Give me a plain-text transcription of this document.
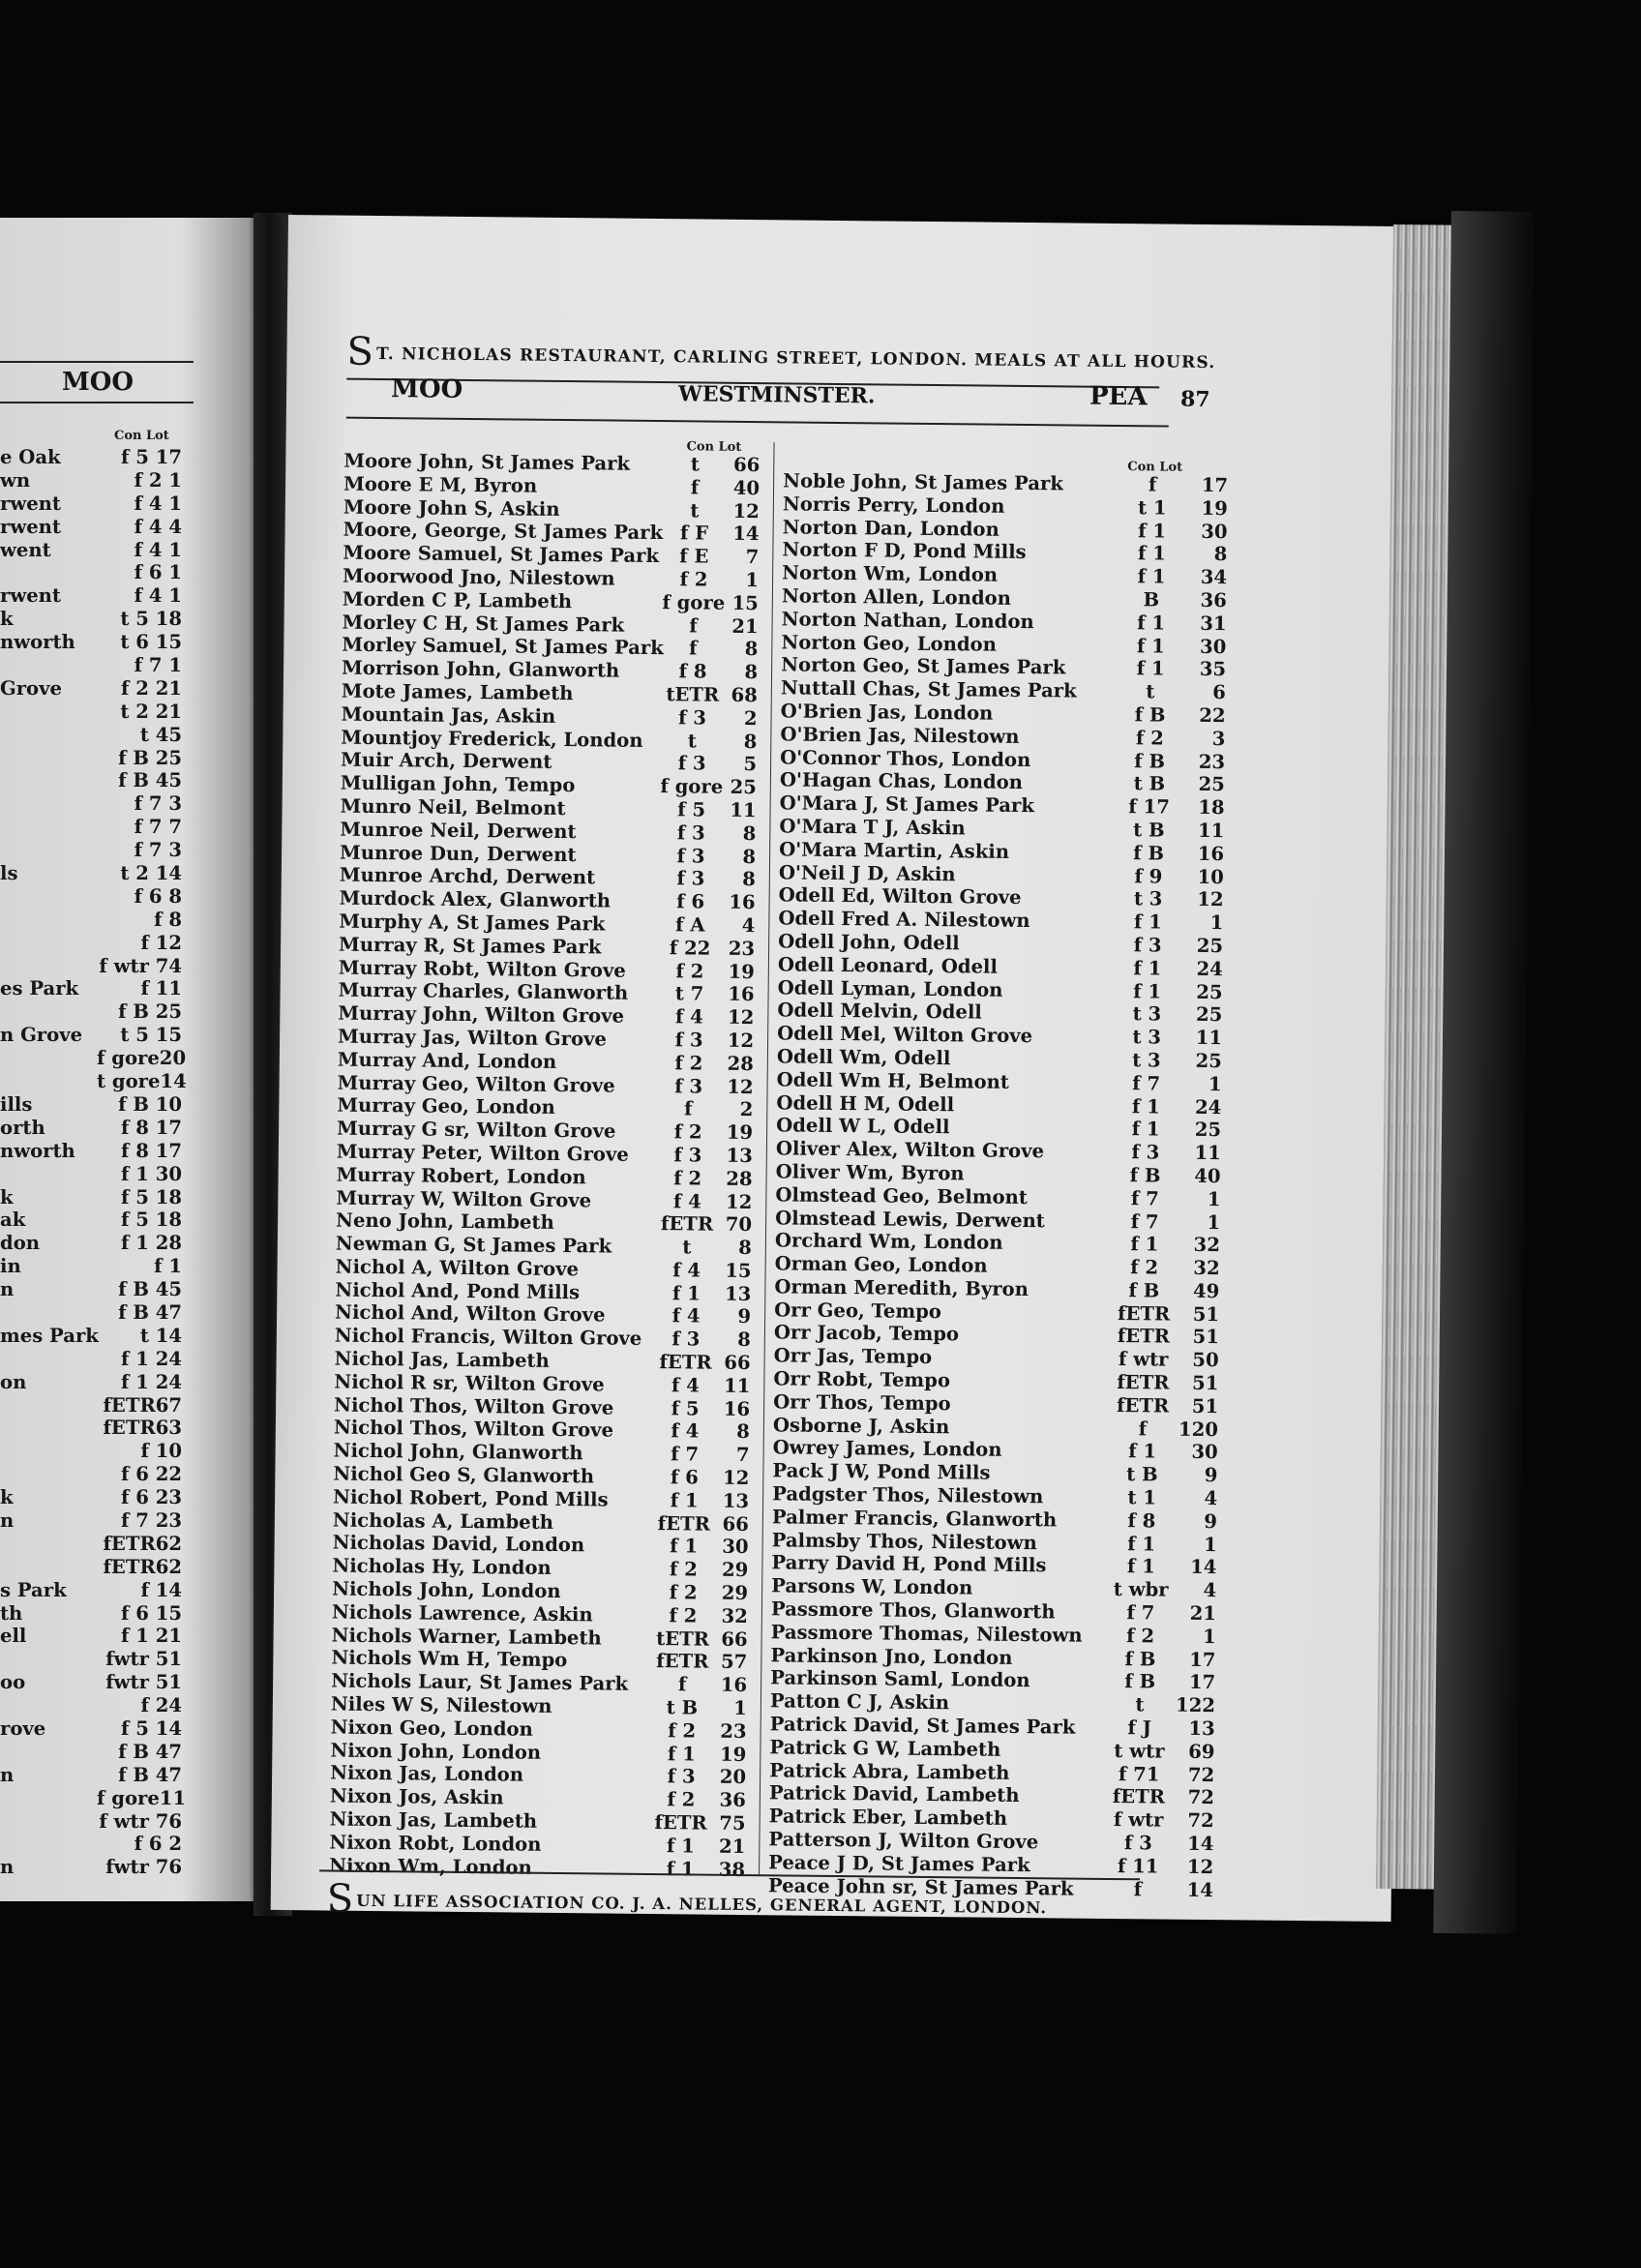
MOO
Con Lot
e Oak	f 5 17
wn	f 2 1
rwent	f 4 1
rwent	f 4 4
went	f 4 1
f 6 1
rwent	f 4 1
k	t 5 18
nworth	t 6 15
f 7 1
Grove	f 2 21
t 2 21
t 45
f B 25
f B 45
f 7 3
f 7 7
f 7 3
ls	t 2 14
f 6 8
f 8
f 12
f wtr 74
es Park	f 11
f B 25
n Grove	t 5 15
f gore20
t gore14
ills	f B 10
orth	f 8 17
nworth	f 8 17
f 1 30
k	f 5 18
ak	f 5 18
don	f 1 28
in	f 1
n	f B 45
f B 47
mes Park	t 14
f 1 24
on	f 1 24
fETR67
fETR63
f 10
f 6 22
k	f 6 23
n	f 7 23
fETR62
fETR62
s Park	f 14
th	f 6 15
ell	f 1 21
fwtr 51
oo	fwtr 51
f 24
rove	f 5 14
f B 47
n	f B 47
f gore11
f wtr 76
f 6 2
n	fwtr 76
ST. NICHOLAS RESTAURANT, CARLING STREET, LONDON. MEALS AT ALL HOURS.
MOO	WESTMINSTER.	PEA 87
Con Lot
Con Lot
Moore John, St James Park	t	66
Moore E M, Byron	f	40
Moore John S, Askin	t	12
Moore, George, St James Park f F	14
Moore Samuel, St James Park	f E	7
Moorwood Jno, Nilestown	f 2	1
Morden C P, Lambeth	f gore 15
Morley C H, St James Park	f	21
Morley Samuel, St James Park	f	8
Morrison John, Glanworth	f 8	8
Mote James, Lambeth	tETR 68
Mountain Jas, Askin	f 3	2
Mountjoy Frederick, London	t	8
Muir Arch, Derwent	f 3	5
Mulligan John, Tempo	f gore 25
Munro Neil, Belmont	f 5	11
Munroe Neil, Derwent	f 3	8
Munroe Dun, Derwent	f 3	8
Munroe Archd, Derwent	f 3	8
Murdock Alex, Glanworth	f 6	16
Murphy A, St James Park	f A	4
Murray R, St James Park	f 22 23
Murray Robt, Wilton Grove	f 2	19
Murray Charles, Glanworth	t 7	16
Murray John, Wilton Grove	f 4	12
Murray Jas, Wilton Grove	f 3	12
Murray And, London	f 2	28
Murray Geo, Wilton Grove	f 3	12
Murray Geo, London	f	2
Murray G sr, Wilton Grove	f 2	19
Murray Peter, Wilton Grove	f 3	13
Murray Robert, London	f 2	28
Murray W, Wilton Grove	f 4	12
Neno John, Lambeth	fETR 70
Newman G, St James Park	t	8
Nichol A, Wilton Grove	f 4	15
Nichol And, Pond Mills	f 1	13
Nichol And, Wilton Grove	f 4	9
Nichol Francis, Wilton Grove	f 3	8
Nichol Jas, Lambeth	fETR 66
Nichol R sr, Wilton Grove	f 4	11
Nichol Thos, Wilton Grove	f 5	16
Nichol Thos, Wilton Grove	f 4	8
Nichol John, Glanworth	f 7	7
Nichol Geo S, Glanworth	f 6	12
Nichol Robert, Pond Mills	f 1	13
Nicholas A, Lambeth	fETR 66
Nicholas David, London	f 1	30
Nicholas Hy, London	f 2	29
Nichols John, London	f 2	29
Nichols Lawrence, Askin	f 2	32
Nichols Warner, Lambeth	tETR 66
Nichols Wm H, Tempo	fETR 57
Nichols Laur, St James Park	f	16
Niles W S, Nilestown	t B	1
Nixon Geo, London	f 2	23
Nixon John, London	f 1	19
Nixon Jas, London	f 3	20
Nixon Jos, Askin	f 2	36
Nixon Jas, Lambeth	fETR 75
Nixon Robt, London	f 1	21
Nixon Wm, London	f 1	38
Noble John, St James Park	f	17
Norris Perry, London	t 1	19
Norton Dan, London	f 1	30
Norton F D, Pond Mills	f 1	8
Norton Wm, London	f 1	34
Norton Allen, London	B	36
Norton Nathan, London	f 1	31
Norton Geo, London	f 1	30
Norton Geo, St James Park	f 1	35
Nuttall Chas, St James Park	t	6
O'Brien Jas, London	f B	22
O'Brien Jas, Nilestown	f 2	3
O'Connor Thos, London	f B	23
O'Hagan Chas, London	t B	25
O'Mara J, St James Park	f 17	18
O'Mara T J, Askin	t B	11
O'Mara Martin, Askin	f B	16
O'Neil J D, Askin	f 9	10
Odell Ed, Wilton Grove	t 3	12
Odell Fred A. Nilestown	f 1	1
Odell John, Odell	f 3	25
Odell Leonard, Odell	f 1	24
Odell Lyman, London	f 1	25
Odell Melvin, Odell	t 3	25
Odell Mel, Wilton Grove	t 3	11
Odell Wm, Odell	t 3	25
Odell Wm H, Belmont	f 7	1
Odell H M, Odell	f 1	24
Odell W L, Odell	f 1	25
Oliver Alex, Wilton Grove	f 3	11
Oliver Wm, Byron	f B	40
Olmstead Geo, Belmont	f 7	1
Olmstead Lewis, Derwent	f 7	1
Orchard Wm, London	f 1	32
Orman Geo, London	f 2	32
Orman Meredith, Byron	f B	49
Orr Geo, Tempo	fETR	51
Orr Jacob, Tempo	fETR	51
Orr Jas, Tempo	f wtr	50
Orr Robt, Tempo	fETR	51
Orr Thos, Tempo	fETR	51
Osborne J, Askin	f	120
Owrey James, London	f 1	30
Pack J W, Pond Mills	t B	9
Padgster Thos, Nilestown	t 1	4
Palmer Francis, Glanworth	f 8	9
Palmsby Thos, Nilestown	f 1	1
Parry David H, Pond Mills	f 1	14
Parsons W, London	t wbr	4
Passmore Thos, Glanworth	f 7	21
Passmore Thomas, Nilestown	f 2	1
Parkinson Jno, London	f B	17
Parkinson Saml, London	f B	17
Patton C J, Askin	t	122
Patrick David, St James Park	f J	13
Patrick G W, Lambeth	t wtr	69
Patrick Abra, Lambeth	f 71	72
Patrick David, Lambeth	fETR	72
Patrick Eber, Lambeth	f wtr	72
Patterson J, Wilton Grove	f 3	14
Peace J D, St James Park	f 11	12
Peace John sr, St James Park	f	14
SUN LIFE ASSOCIATION CO. J. A. NELLES, GENERAL AGENT, LONDON.
